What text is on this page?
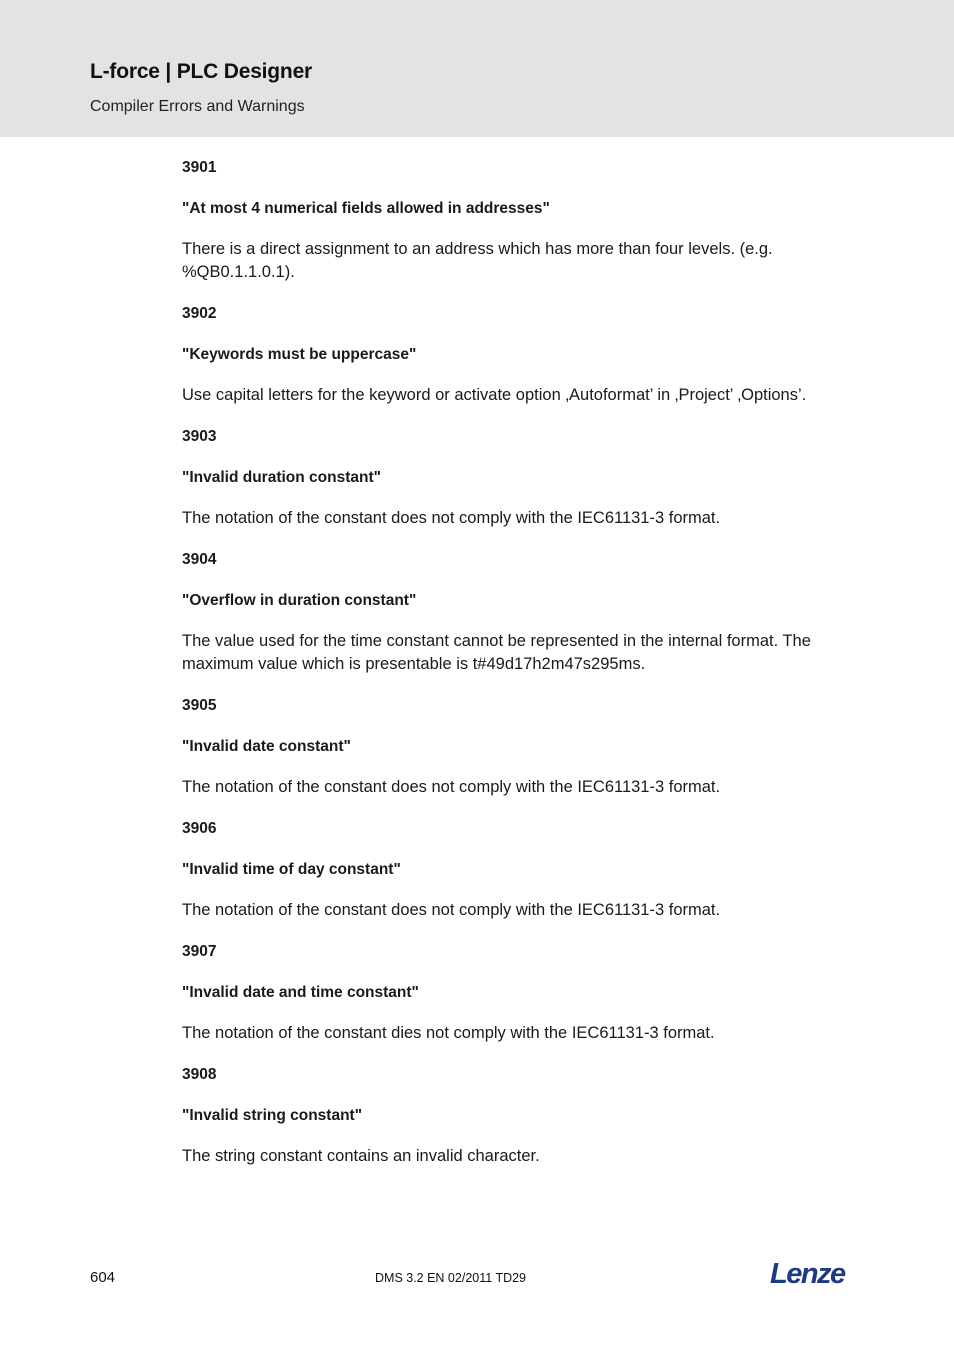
L-force | PLC Designer
Compiler Errors and Warnings

3901

"At most 4 numerical fields allowed in addresses"

There is a direct assignment to an address which has more than four levels. (e.g. %QB0.1.1.0.1).

3902

"Keywords must be uppercase"

Use capital letters for the keyword or activate option ‚Autoformat’ in ‚Project’ ‚Options’.

3903

"Invalid duration constant"

The notation of the constant does not comply with the IEC61131-3 format.

3904

"Overflow in duration constant"

The value used for the time constant cannot be represented in the internal format. The maximum value which is presentable is t#49d17h2m47s295ms.

3905

"Invalid date constant"

The notation of the constant does not comply with the IEC61131-3 format.

3906

"Invalid time of day constant"

The notation of the constant does not comply with the IEC61131-3 format.

3907

"Invalid date and time constant"

The notation of the constant dies not comply with the IEC61131-3 format.

3908

"Invalid string constant"

The string constant contains an invalid character.

604	DMS 3.2 EN 02/2011 TD29	Lenze
